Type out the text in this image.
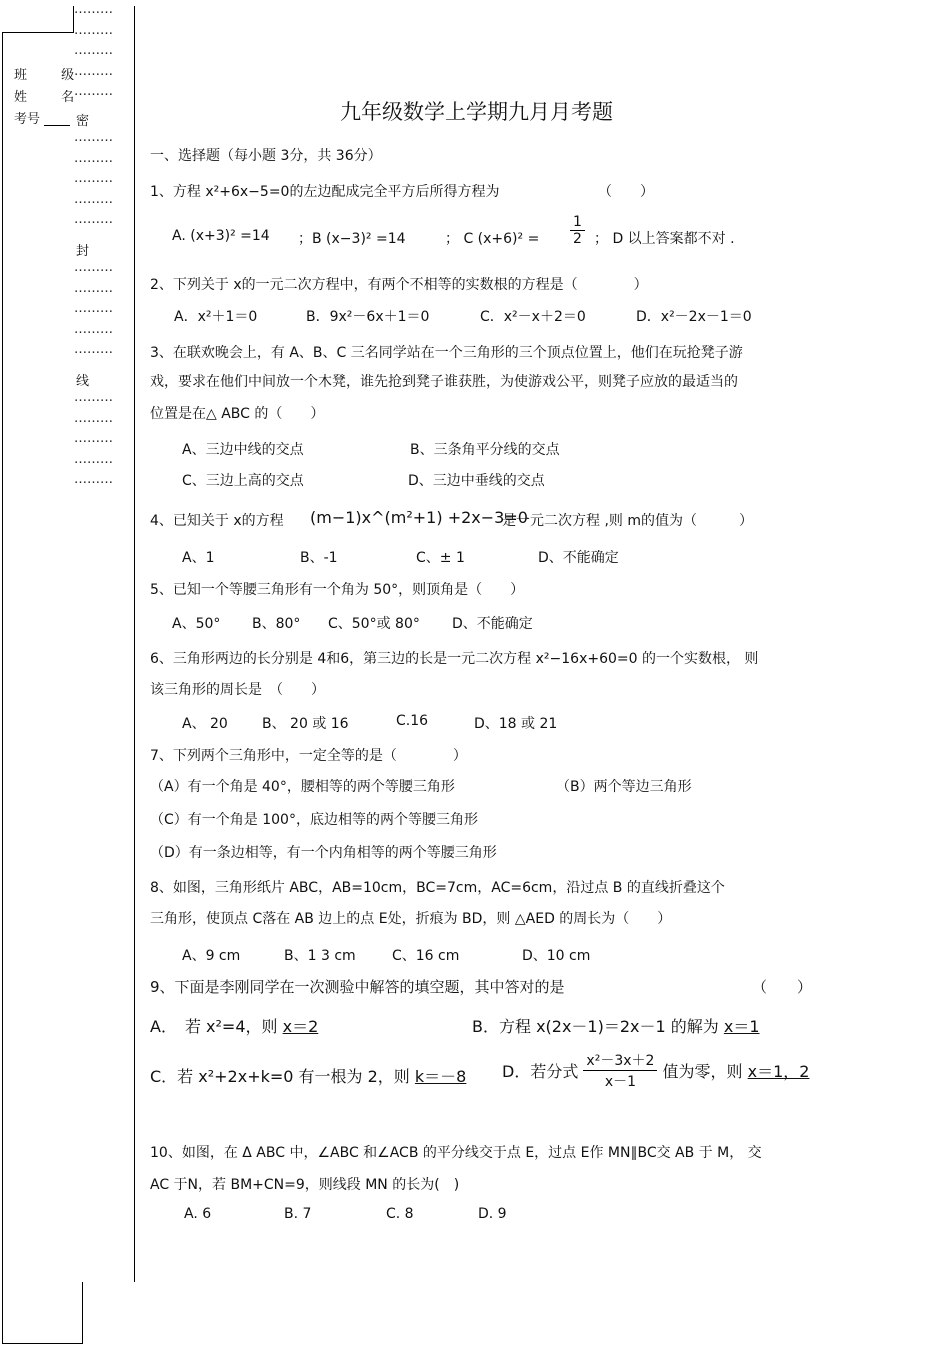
班 级
姓 名
考号
………
………
………
………
………
密
………
………
………
………
………
封
………
………
………
………
………
线
………
………
………
………
………
九年级数学上学期九月月考题
一、选择题（每小题 3分，共 36分）
1、方程 x²+6x−5=0的左边配成完全平方后所得方程为	（　　）
A. (x+3)² =14 ；B (x−3)² =14	； C $(x+6)^2 = \frac{1}{2}$ ； D 以上答案都不对 .
2、下列关于 x的一元二次方程中，有两个不相等的实数根的方程是（　　　　）
A．x²＋1＝0	B．9x²－6x＋1＝0	C．x²－x＋2＝0	D．x²－2x－1＝0
3、在联欢晚会上，有 A、B、C 三名同学站在一个三角形的三个顶点位置上，他们在玩抢凳子游
戏，要求在他们中间放一个木凳，谁先抢到凳子谁获胜，为使游戏公平，则凳子应放的最适当的
位置是在△ ABC 的（　　）
A、三边中线的交点	B、三条角平分线的交点
C、三边上高的交点	D、三边中垂线的交点
4、已知关于 x的方程 (m−1)x^(m²+1) +2x−3=0
是一元二次方程 ,则 m的值为（　　　）
A、1	B、-1	C、± 1	D、不能确定
5、已知一个等腰三角形有一个角为 50°，则顶角是（　　）
A、50° B、80° C、50°或 80° D、不能确定
6、三角形两边的长分别是 4和6，第三边的长是一元二次方程 x²−16x+60=0 的一个实数根， 则
该三角形的周长是　（　　）
A、 20 B、 20 或 16	C.16	D、18 或 21
7、下列两个三角形中，一定全等的是（　　　　）
（A）有一个角是 40°，腰相等的两个等腰三角形	（B）两个等边三角形
（C）有一个角是 100°，底边相等的两个等腰三角形
（D）有一条边相等，有一个内角相等的两个等腰三角形
8、如图，三角形纸片 ABC，AB=10cm，BC=7cm，AC=6cm，沿过点 B 的直线折叠这个
三角形，使顶点 C落在 AB 边上的点 E处，折痕为 BD，则 △AED 的周长为（　　）
A、9 cm	B、1 3 cm	C、16 cm	D、10 cm
9、下面是李刚同学在一次测验中解答的填空题，其中答对的是	（　　）
A．　若 x²=4，则 x＝2	B．方程 x(2x－1)＝2x－1 的解为 x＝1
C．若 x²+2x+k=0 有一根为 2，则 k＝－8 D．若分式 $\frac{\text{x²－3x＋2}}{x-1}$ 值为零，则 x＝1，2
10、如图，在 Δ ABC 中，∠ABC 和∠ACB 的平分线交于点 E，过点 E作 MN∥BC交 AB 于 M， 交
AC 于N，若 BM+CN=9，则线段 MN 的长为(　)
A. 6	B. 7	C. 8	D. 9
